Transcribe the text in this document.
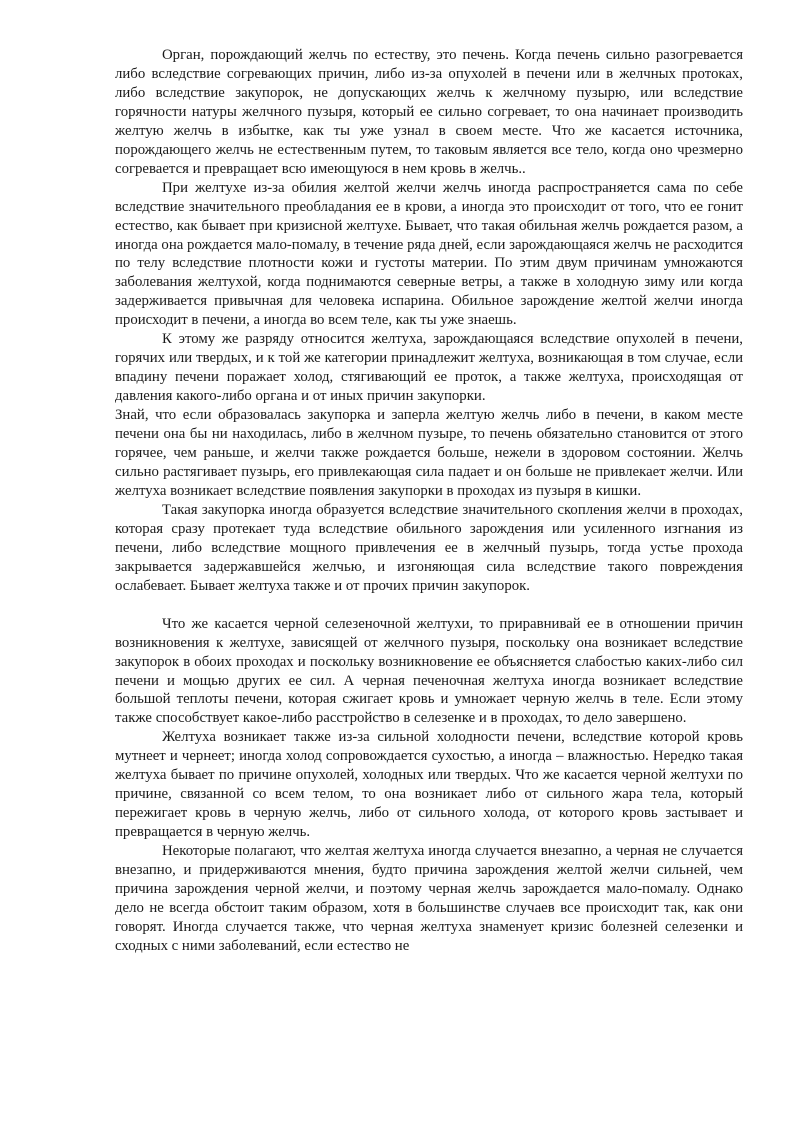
Орган, порождающий желчь по естеству, это печень. Когда печень сильно разогревается либо вследствие согревающих причин, либо из-за опухолей в печени или в желчных протоках, либо вследствие закупорок, не допускающих желчь к желчному пузырю, или вследствие горячности натуры желчного пузыря, который ее сильно согревает, то она начинает производить желтую желчь в избытке, как ты уже узнал в своем месте. Что же касается источника, порождающего желчь не естественным путем, то таковым является все тело, когда оно чрезмерно согревается и превращает всю имеющуюся в нем кровь в желчь..

При желтухе из-за обилия желтой желчи желчь иногда распространяется сама по себе вследствие значительного преобладания ее в крови, а иногда это происходит от того, что ее гонит естество, как бывает при кризисной желтухе. Бывает, что такая обильная желчь рождается разом, а иногда она рождается мало-помалу, в течение ряда дней, если зарождающаяся желчь не расходится по телу вследствие плотности кожи и густоты материи. По этим двум причинам умножаются заболевания желтухой, когда поднимаются северные ветры, а также в холодную зиму или когда задерживается привычная для человека испарина. Обильное зарождение желтой желчи иногда происходит в печени, а иногда во всем теле, как ты уже знаешь.

К этому же разряду относится желтуха, зарождающаяся вследствие опухолей в печени, горячих или твердых, и к той же категории принадлежит желтуха, возникающая в том случае, если впадину печени поражает холод, стягивающий ее проток, а также желтуха, происходящая от давления какого-либо органа и от иных причин закупорки.

Знай, что если образовалась закупорка и заперла желтую желчь либо в печени, в каком месте печени она бы ни находилась, либо в желчном пузыре, то печень обязательно становится от этого горячее, чем раньше, и желчи также рождается больше, нежели в здоровом состоянии. Желчь сильно растягивает пузырь, его привлекающая сила падает и он больше не привлекает желчи. Или желтуха возникает вследствие появления закупорки в проходах из пузыря в кишки.

Такая закупорка иногда образуется вследствие значительного скопления желчи в проходах, которая сразу протекает туда вследствие обильного зарождения или усиленного изгнания из печени, либо вследствие мощного привлечения ее в желчный пузырь, тогда устье прохода закрывается задержавшейся желчью, и изгоняющая сила вследствие такого повреждения ослабевает. Бывает желтуха также и от прочих причин закупорок.

Что же касается черной селезеночной желтухи, то приравнивай ее в отношении причин возникновения к желтухе, зависящей от желчного пузыря, поскольку она возникает вследствие закупорок в обоих проходах и поскольку возникновение ее объясняется слабостью каких-либо сил печени и мощью других ее сил. А черная печеночная желтуха иногда возникает вследствие большой теплоты печени, которая сжигает кровь и умножает черную желчь в теле. Если этому также способствует какое-либо расстройство в селезенке и в проходах, то дело завершено.

Желтуха возникает также из-за сильной холодности печени, вследствие которой кровь мутнеет и чернеет; иногда холод сопровождается сухостью, а иногда – влажностью. Нередко такая желтуха бывает по причине опухолей, холодных или твердых. Что же касается черной желтухи по причине, связанной со всем телом, то она возникает либо от сильного жара тела, который пережигает кровь в черную желчь, либо от сильного холода, от которого кровь застывает и превращается в черную желчь.

Некоторые полагают, что желтая желтуха иногда случается внезапно, а черная не случается внезапно, и придерживаются мнения, будто причина зарождения желтой желчи сильней, чем причина зарождения черной желчи, и поэтому черная желчь зарождается мало-помалу. Однако дело не всегда обстоит таким образом, хотя в большинстве случаев все происходит так, как они говорят. Иногда случается также, что черная желтуха знаменует кризис болезней селезенки и сходных с ними заболеваний, если естество не
